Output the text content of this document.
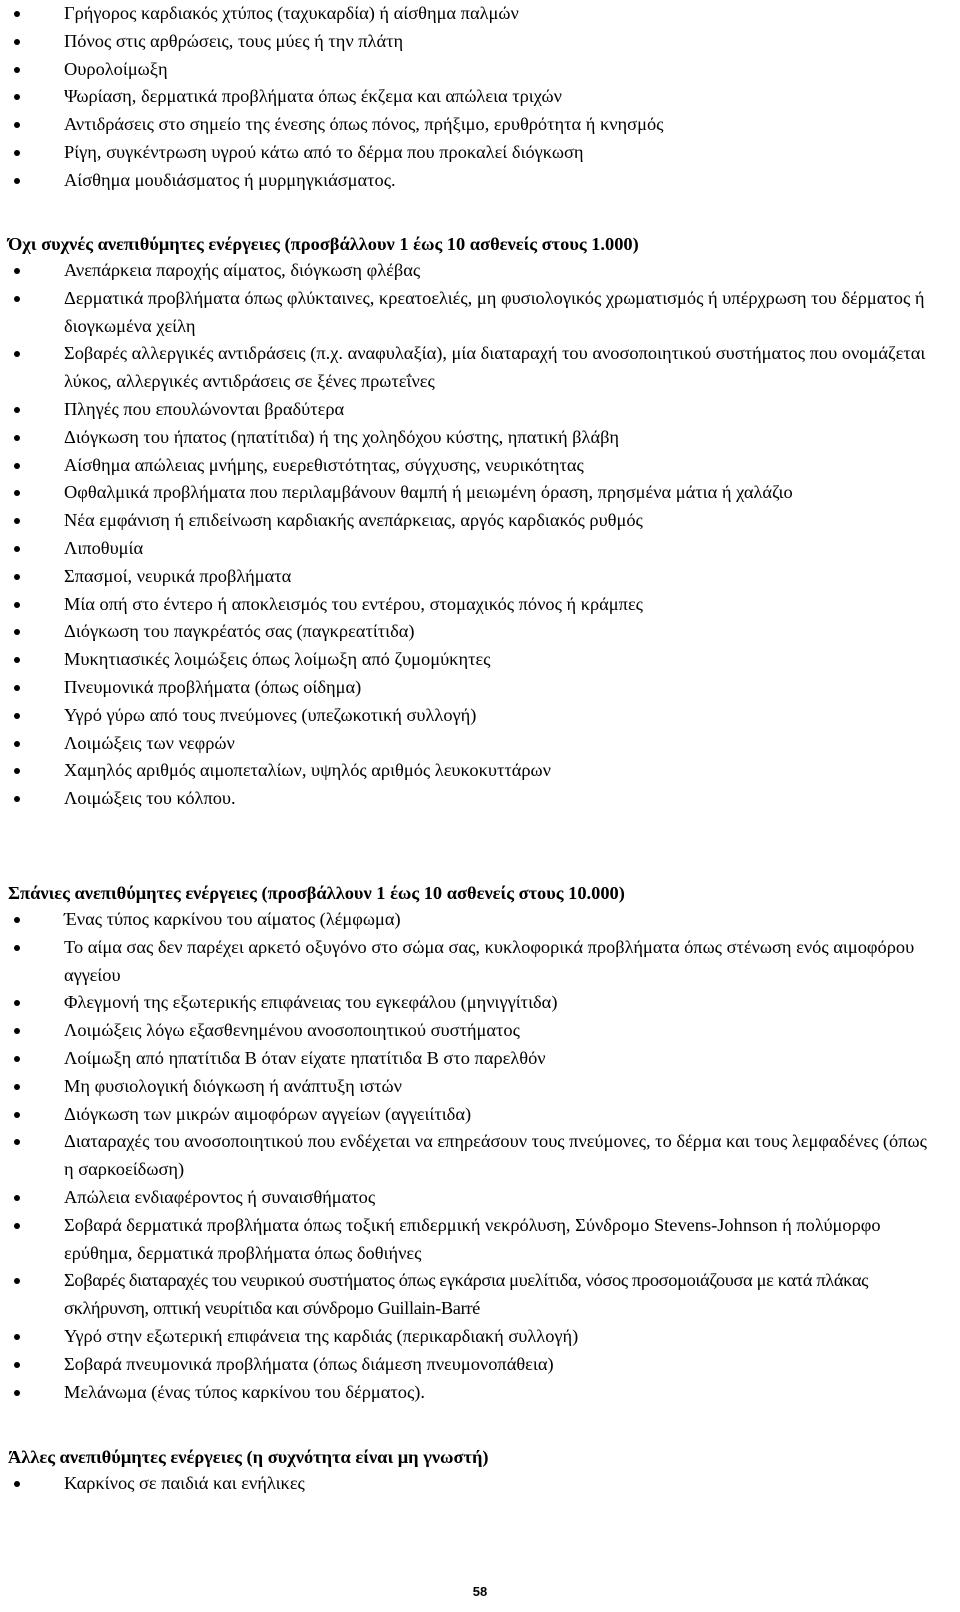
Γρήγορος καρδιακός χτύπος (ταχυκαρδία) ή αίσθημα παλμών
Πόνος στις αρθρώσεις, τους μύες ή την πλάτη
Ουρολοίμωξη
Ψωρίαση, δερματικά προβλήματα όπως έκζεμα και απώλεια τριχών
Αντιδράσεις στο σημείο της ένεσης όπως πόνος, πρήξιμο, ερυθρότητα ή κνησμός
Ρίγη, συγκέντρωση υγρού κάτω από το δέρμα που προκαλεί διόγκωση
Αίσθημα μουδιάσματος ή μυρμηγκιάσματος.
Όχι συχνές ανεπιθύμητες ενέργειες (προσβάλλουν 1 έως 10 ασθενείς στους 1.000)
Ανεπάρκεια παροχής αίματος, διόγκωση φλέβας
Δερματικά προβλήματα όπως φλύκταινες, κρεατοελιές, μη φυσιολογικός χρωματισμός ή υπέρχρωση του δέρματος ή διογκωμένα χείλη
Σοβαρές αλλεργικές αντιδράσεις (π.χ. αναφυλαξία), μία διαταραχή του ανοσοποιητικού συστήματος που ονομάζεται λύκος, αλλεργικές αντιδράσεις σε ξένες πρωτεΐνες
Πληγές που επουλώνονται βραδύτερα
Διόγκωση του ήπατος (ηπατίτιδα) ή της χοληδόχου κύστης, ηπατική βλάβη
Αίσθημα απώλειας μνήμης, ευερεθιστότητας, σύγχυσης, νευρικότητας
Οφθαλμικά προβλήματα που περιλαμβάνουν θαμπή ή μειωμένη όραση, πρησμένα μάτια ή χαλάζιο
Νέα εμφάνιση ή επιδείνωση καρδιακής ανεπάρκειας, αργός καρδιακός ρυθμός
Λιποθυμία
Σπασμοί, νευρικά προβλήματα
Μία οπή στο έντερο ή αποκλεισμός του εντέρου, στομαχικός πόνος ή κράμπες
Διόγκωση του παγκρέατός σας (παγκρεατίτιδα)
Μυκητιασικές λοιμώξεις όπως λοίμωξη από ζυμομύκητες
Πνευμονικά προβλήματα (όπως οίδημα)
Υγρό γύρω από τους πνεύμονες (υπεζωκοτική συλλογή)
Λοιμώξεις των νεφρών
Χαμηλός αριθμός αιμοπεταλίων, υψηλός αριθμός λευκοκυττάρων
Λοιμώξεις του κόλπου.
Σπάνιες ανεπιθύμητες ενέργειες (προσβάλλουν 1 έως 10 ασθενείς στους 10.000)
Ένας τύπος καρκίνου του αίματος (λέμφωμα)
Το αίμα σας δεν παρέχει αρκετό οξυγόνο στο σώμα σας, κυκλοφορικά προβλήματα όπως στένωση ενός αιμοφόρου αγγείου
Φλεγμονή της εξωτερικής επιφάνειας του εγκεφάλου (μηνιγγίτιδα)
Λοιμώξεις λόγω εξασθενημένου ανοσοποιητικού συστήματος
Λοίμωξη από ηπατίτιδα Β όταν είχατε ηπατίτιδα Β στο παρελθόν
Μη φυσιολογική διόγκωση ή ανάπτυξη ιστών
Διόγκωση των μικρών αιμοφόρων αγγείων (αγγειίτιδα)
Διαταραχές του ανοσοποιητικού που ενδέχεται να επηρεάσουν τους πνεύμονες, το δέρμα και τους λεμφαδένες (όπως η σαρκοείδωση)
Απώλεια ενδιαφέροντος ή συναισθήματος
Σοβαρά δερματικά προβλήματα όπως τοξική επιδερμική νεκρόλυση, Σύνδρομο Stevens-Johnson ή πολύμορφο ερύθημα, δερματικά προβλήματα όπως δοθιήνες
Σοβαρές διαταραχές του νευρικού συστήματος όπως εγκάρσια μυελίτιδα, νόσος προσομοιάζουσα με κατά πλάκας σκλήρυνση, οπτική νευρίτιδα και σύνδρομο Guillain-Barré
Υγρό στην εξωτερική επιφάνεια της καρδιάς (περικαρδιακή συλλογή)
Σοβαρά πνευμονικά προβλήματα (όπως διάμεση πνευμονοπάθεια)
Μελάνωμα (ένας τύπος καρκίνου του δέρματος).
Άλλες ανεπιθύμητες ενέργειες (η συχνότητα είναι μη γνωστή)
Καρκίνος σε παιδιά και ενήλικες
58
